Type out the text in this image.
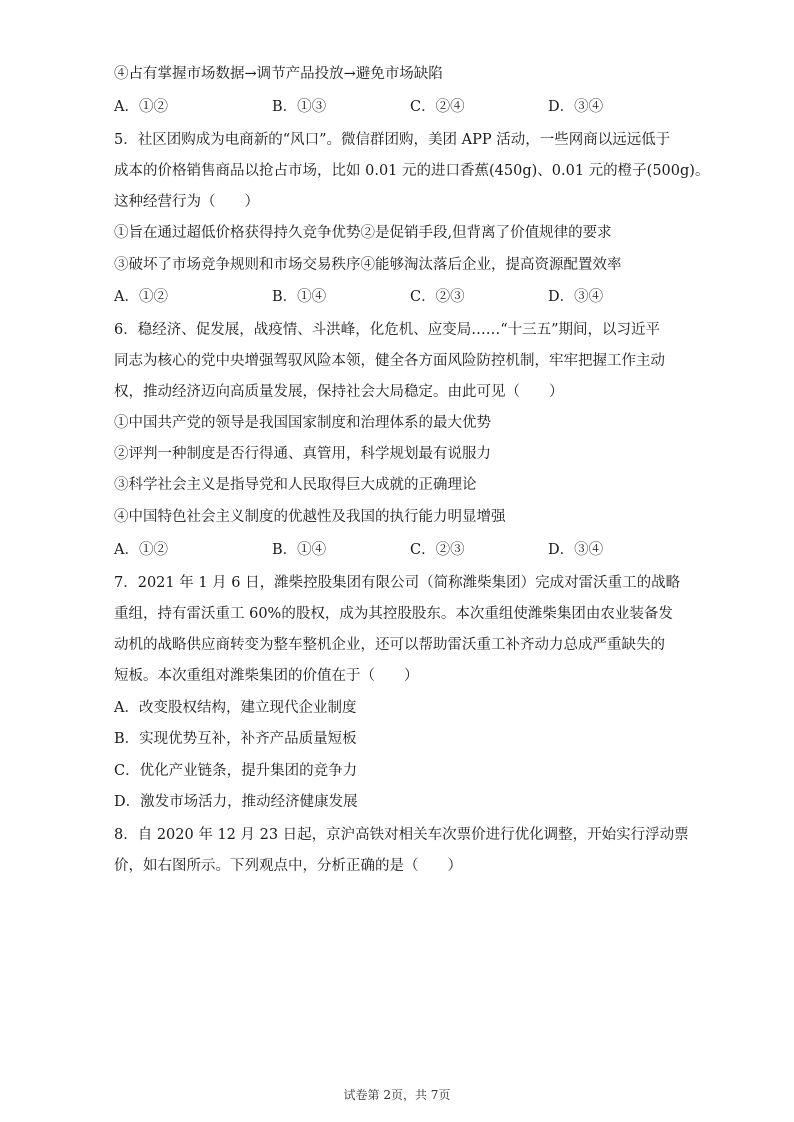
④占有掌握市场数据→调节产品投放→避免市场缺陷
A．①②	B．①③	C．②④	D．③④
5．社区团购成为电商新的“风口”。微信群团购，美团 APP 活动，一些网商以远远低于
成本的价格销售商品以抢占市场，比如 0.01 元的进口香蕉(450g)、0.01 元的橙子(500g)。
这种经营行为（　　）
①旨在通过超低价格获得持久竞争优势②是促销手段,但背离了价值规律的要求
③破坏了市场竞争规则和市场交易秩序④能够淘汰落后企业，提高资源配置效率
A．①②	B．①④	C．②③	D．③④
6．稳经济、促发展，战疫情、斗洪峰，化危机、应变局……“十三五”期间，以习近平
同志为核心的党中央增强驾驭风险本领，健全各方面风险防控机制，牢牢把握工作主动
权，推动经济迈向高质量发展，保持社会大局稳定。由此可见（　　）
①中国共产党的领导是我国国家制度和治理体系的最大优势
②评判一种制度是否行得通、真管用，科学规划最有说服力
③科学社会主义是指导党和人民取得巨大成就的正确理论
④中国特色社会主义制度的优越性及我国的执行能力明显增强
A．①②	B．①④	C．②③	D．③④
7．2021 年 1 月 6 日，潍柴控股集团有限公司（简称潍柴集团）完成对雷沃重工的战略
重组，持有雷沃重工 60%的股权，成为其控股股东。本次重组使潍柴集团由农业装备发
动机的战略供应商转变为整车整机企业，还可以帮助雷沃重工补齐动力总成严重缺失的
短板。本次重组对潍柴集团的价值在于（　　）
A．改变股权结构，建立现代企业制度
B．实现优势互补，补齐产品质量短板
C．优化产业链条，提升集团的竞争力
D．激发市场活力，推动经济健康发展
8．自 2020 年 12 月 23 日起，京沪高铁对相关车次票价进行优化调整，开始实行浮动票
价，如右图所示。下列观点中，分析正确的是（　　）
试卷第 2页，共 7页
